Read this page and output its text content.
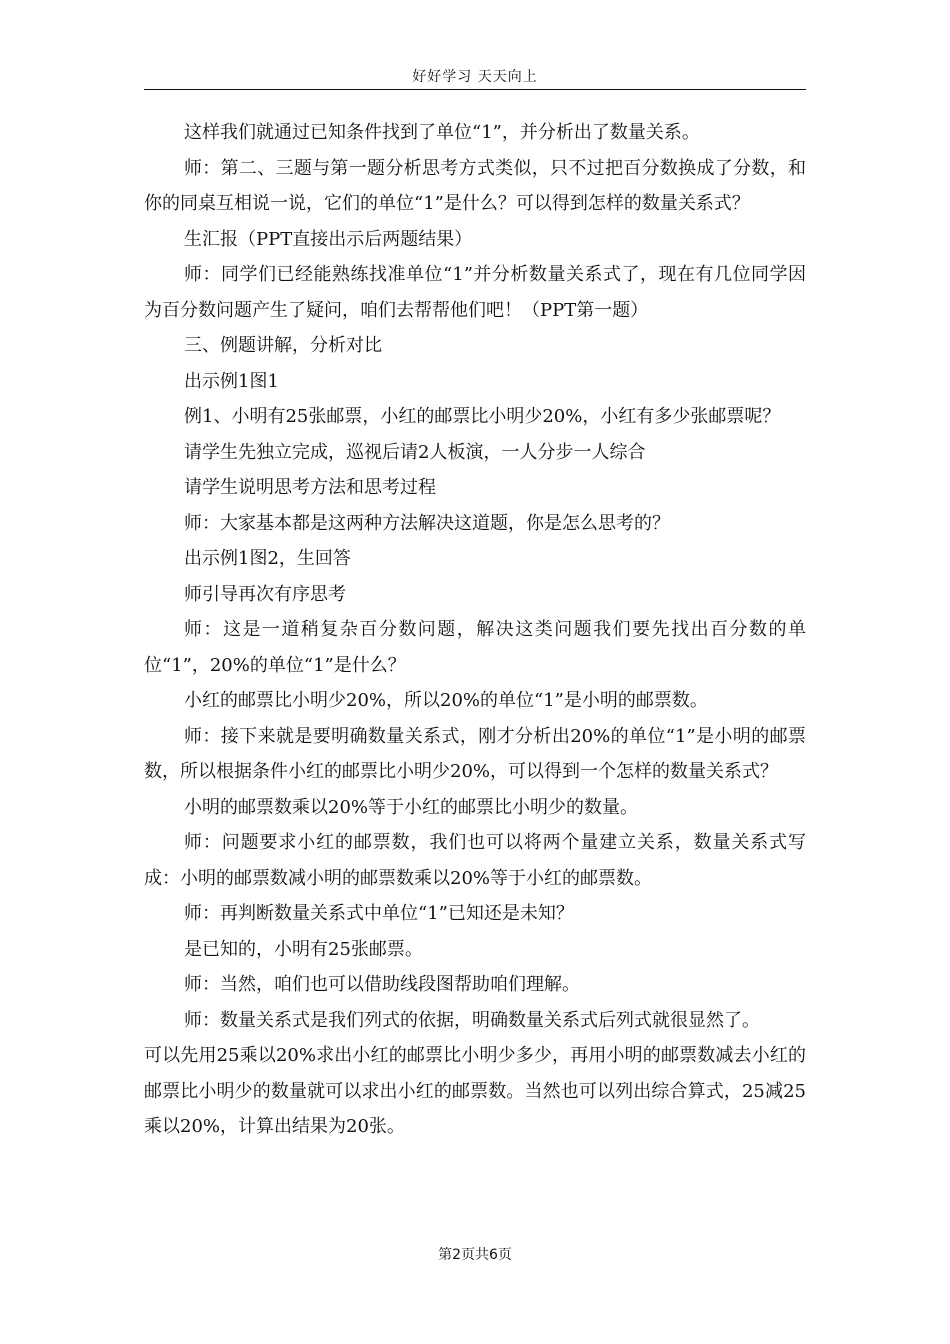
好好学习 天天向上

这样我们就通过已知条件找到了单位“1”，并分析出了数量关系。

师：第二、三题与第一题分析思考方式类似，只不过把百分数换成了分数，和你的同桌互相说一说，它们的单位“1”是什么？可以得到怎样的数量关系式？

生汇报（PPT直接出示后两题结果）

师：同学们已经能熟练找准单位“1”并分析数量关系式了，现在有几位同学因为百分数问题产生了疑问，咱们去帮帮他们吧！（PPT第一题）

三、例题讲解，分析对比

出示例1图1

例1、小明有25张邮票，小红的邮票比小明少20%，小红有多少张邮票呢？

请学生先独立完成，巡视后请2人板演，一人分步一人综合

请学生说明思考方法和思考过程

师：大家基本都是这两种方法解决这道题，你是怎么思考的？

出示例1图2，生回答

师引导再次有序思考

师：这是一道稍复杂百分数问题，解决这类问题我们要先找出百分数的单位“1”，20%的单位“1”是什么？

小红的邮票比小明少20%，所以20%的单位“1”是小明的邮票数。

师：接下来就是要明确数量关系式，刚才分析出20%的单位“1”是小明的邮票数，所以根据条件小红的邮票比小明少20%，可以得到一个怎样的数量关系式？

小明的邮票数乘以20%等于小红的邮票比小明少的数量。

师：问题要求小红的邮票数，我们也可以将两个量建立关系，数量关系式写成：小明的邮票数减小明的邮票数乘以20%等于小红的邮票数。

师：再判断数量关系式中单位“1”已知还是未知？

是已知的，小明有25张邮票。

师：当然，咱们也可以借助线段图帮助咱们理解。

师：数量关系式是我们列式的依据，明确数量关系式后列式就很显然了。

可以先用25乘以20%求出小红的邮票比小明少多少，再用小明的邮票数减去小红的邮票比小明少的数量就可以求出小红的邮票数。当然也可以列出综合算式，25减25乘以20%，计算出结果为20张。

第2页共6页
